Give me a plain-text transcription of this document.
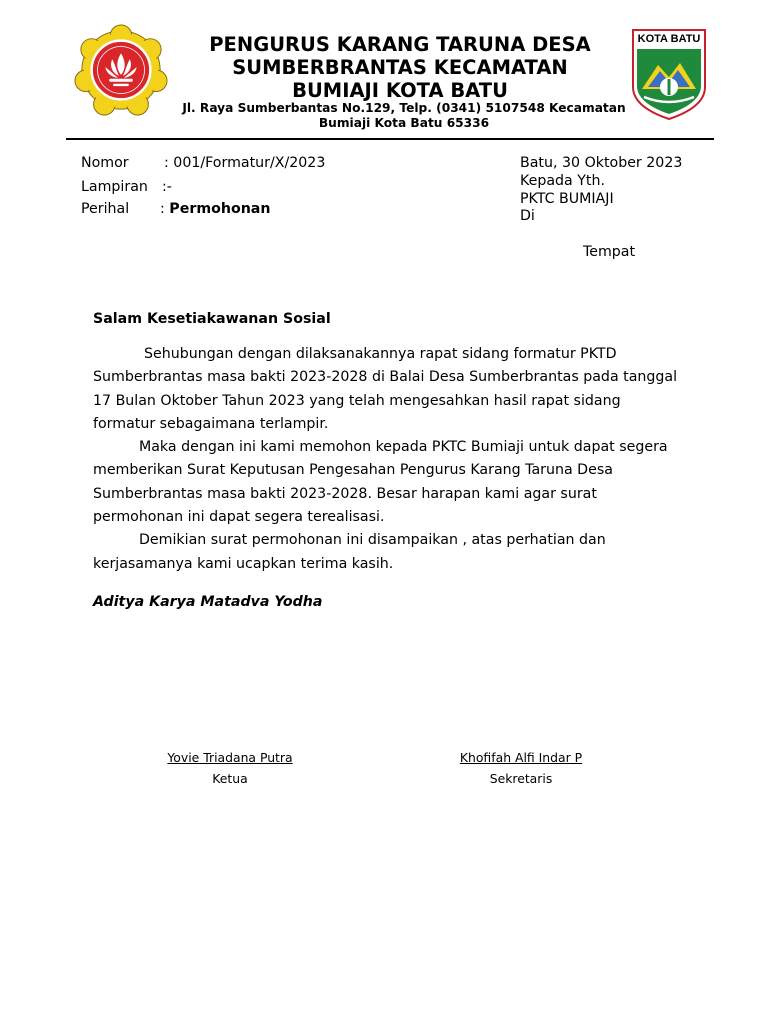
KOTA BATU
PENGURUS KARANG TARUNA DESA
SUMBERBRANTAS KECAMATAN
BUMIAJI KOTA BATU
Jl. Raya Sumberbantas No.129, Telp. (0341) 5107548 Kecamatan
Bumiaji Kota Batu 65336
Nomor : 001/Formatur/X/2023
Lampiran :-
Perihal : Permohonan
Batu, 30 Oktober 2023
Kepada Yth.
PKTC BUMIAJI
Di
Tempat
Salam Kesetiakawanan Sosial

Sehubungan dengan dilaksanakannya rapat sidang formatur PKTD Sumberbrantas masa bakti 2023-2028 di Balai Desa Sumberbrantas pada tanggal 17 Bulan Oktober Tahun 2023 yang telah mengesahkan hasil rapat sidang formatur sebagaimana terlampir.

Maka dengan ini kami memohon kepada PKTC Bumiaji untuk dapat segera memberikan Surat Keputusan Pengesahan Pengurus Karang Taruna Desa Sumberbrantas masa bakti 2023-2028. Besar harapan kami agar surat permohonan ini dapat segera terealisasi.

Demikian surat permohonan ini disampaikan , atas perhatian dan kerjasamanya kami ucapkan terima kasih.

Aditya Karya Matadva Yodha
Yovie Triadana Putra
Ketua
Khofifah Alfi Indar P
Sekretaris
